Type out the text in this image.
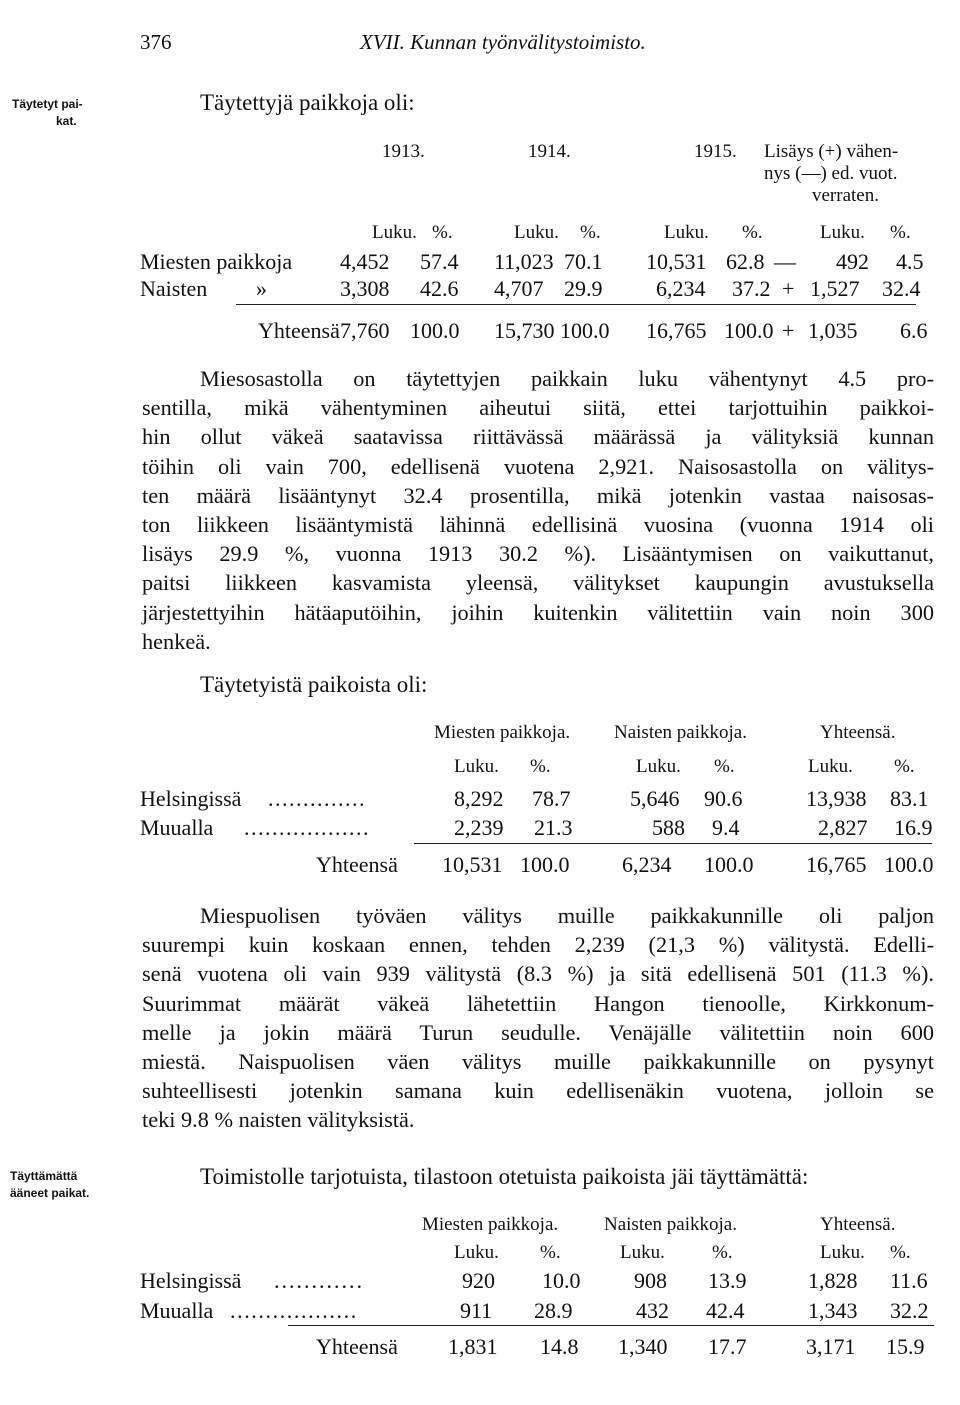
376	XVII. Kunnan työnvälitystoimisto.
Täytetyt pai-
kat.
Täyttämättä
ääneet paikat.
Täytettyjä paikkoja oli:
1913.	1914.	1915. Lisäys (+) vähen-
nys (—) ed. vuot.
verraten.
Luku. %.	Luku. %.	Luku. %.	Luku. %.
Miesten paikkoja 4,452 57.4 11,023 70.1 10,531 62.8 — 492 4.5
Naisten »	3,308 42.6 4,707 29.9 6,234 37.2 + 1,527 32.4
Yhteensä 7,760 100.0 15,730 100.0 16,765 100.0 + 1,035 6.6
Miesosastolla on täytettyjen paikkain luku vähentynyt 4.5 pro-
sentilla, mikä vähentyminen aiheutui siitä, ettei tarjottuihin paikkoi-
hin ollut väkeä saatavissa riittävässä määrässä ja välityksiä kunnan
töihin oli vain 700, edellisenä vuotena 2,921. Naisosastolla on välitys-
ten määrä lisääntynyt 32.4 prosentilla, mikä jotenkin vastaa naisosas-
ton liikkeen lisääntymistä lähinnä edellisinä vuosina (vuonna 1914 oli
lisäys 29.9 %, vuonna 1913 30.2 %). Lisääntymisen on vaikuttanut,
paitsi liikkeen kasvamista yleensä, välitykset kaupungin avustuksella
järjestettyihin hätäaputöihin, joihin kuitenkin välitettiin vain noin 300
henkeä.
Täytetyistä paikoista oli:
Miesten paikkoja. Naisten paikkoja.	Yhteensä.
Luku. %.	Luku. %.	Luku. %.
Helsingissä ..............	8,292 78.7	5,646 90.6	13,938 83.1
Muualla ..................	2,239 21.3	588 9.4	2,827 16.9
Yhteensä 10,531 100.0 6,234 100.0 16,765 100.0
Miespuolisen työväen välitys muille paikkakunnille oli paljon
suurempi kuin koskaan ennen, tehden 2,239 (21,3 %) välitystä. Edelli-
senä vuotena oli vain 939 välitystä (8.3 %) ja sitä edellisenä 501 (11.3 %).
Suurimmat määrät väkeä lähetettiin Hangon tienoolle, Kirkkonum-
melle ja jokin määrä Turun seudulle. Venäjälle välitettiin noin 600
miestä. Naispuolisen väen välitys muille paikkakunnille on pysynyt
suhteellisesti jotenkin samana kuin edellisenäkin vuotena, jolloin se
teki 9.8 % naisten välityksistä.
Toimistolle tarjotuista, tilastoon otetuista paikoista jäi täyttämättä:
Miesten paikkoja. Naisten paikkoja.	Yhteensä.
Luku. %.	Luku. %.	Luku. %.
Helsingissä ............	920 10.0 908 13.9	1,828 11.6
Muualla ..................	911 28.9	432 42.4	1,343 32.2
Yhteensä 1,831 14.8 1,340 17.7	3,171 15.9
